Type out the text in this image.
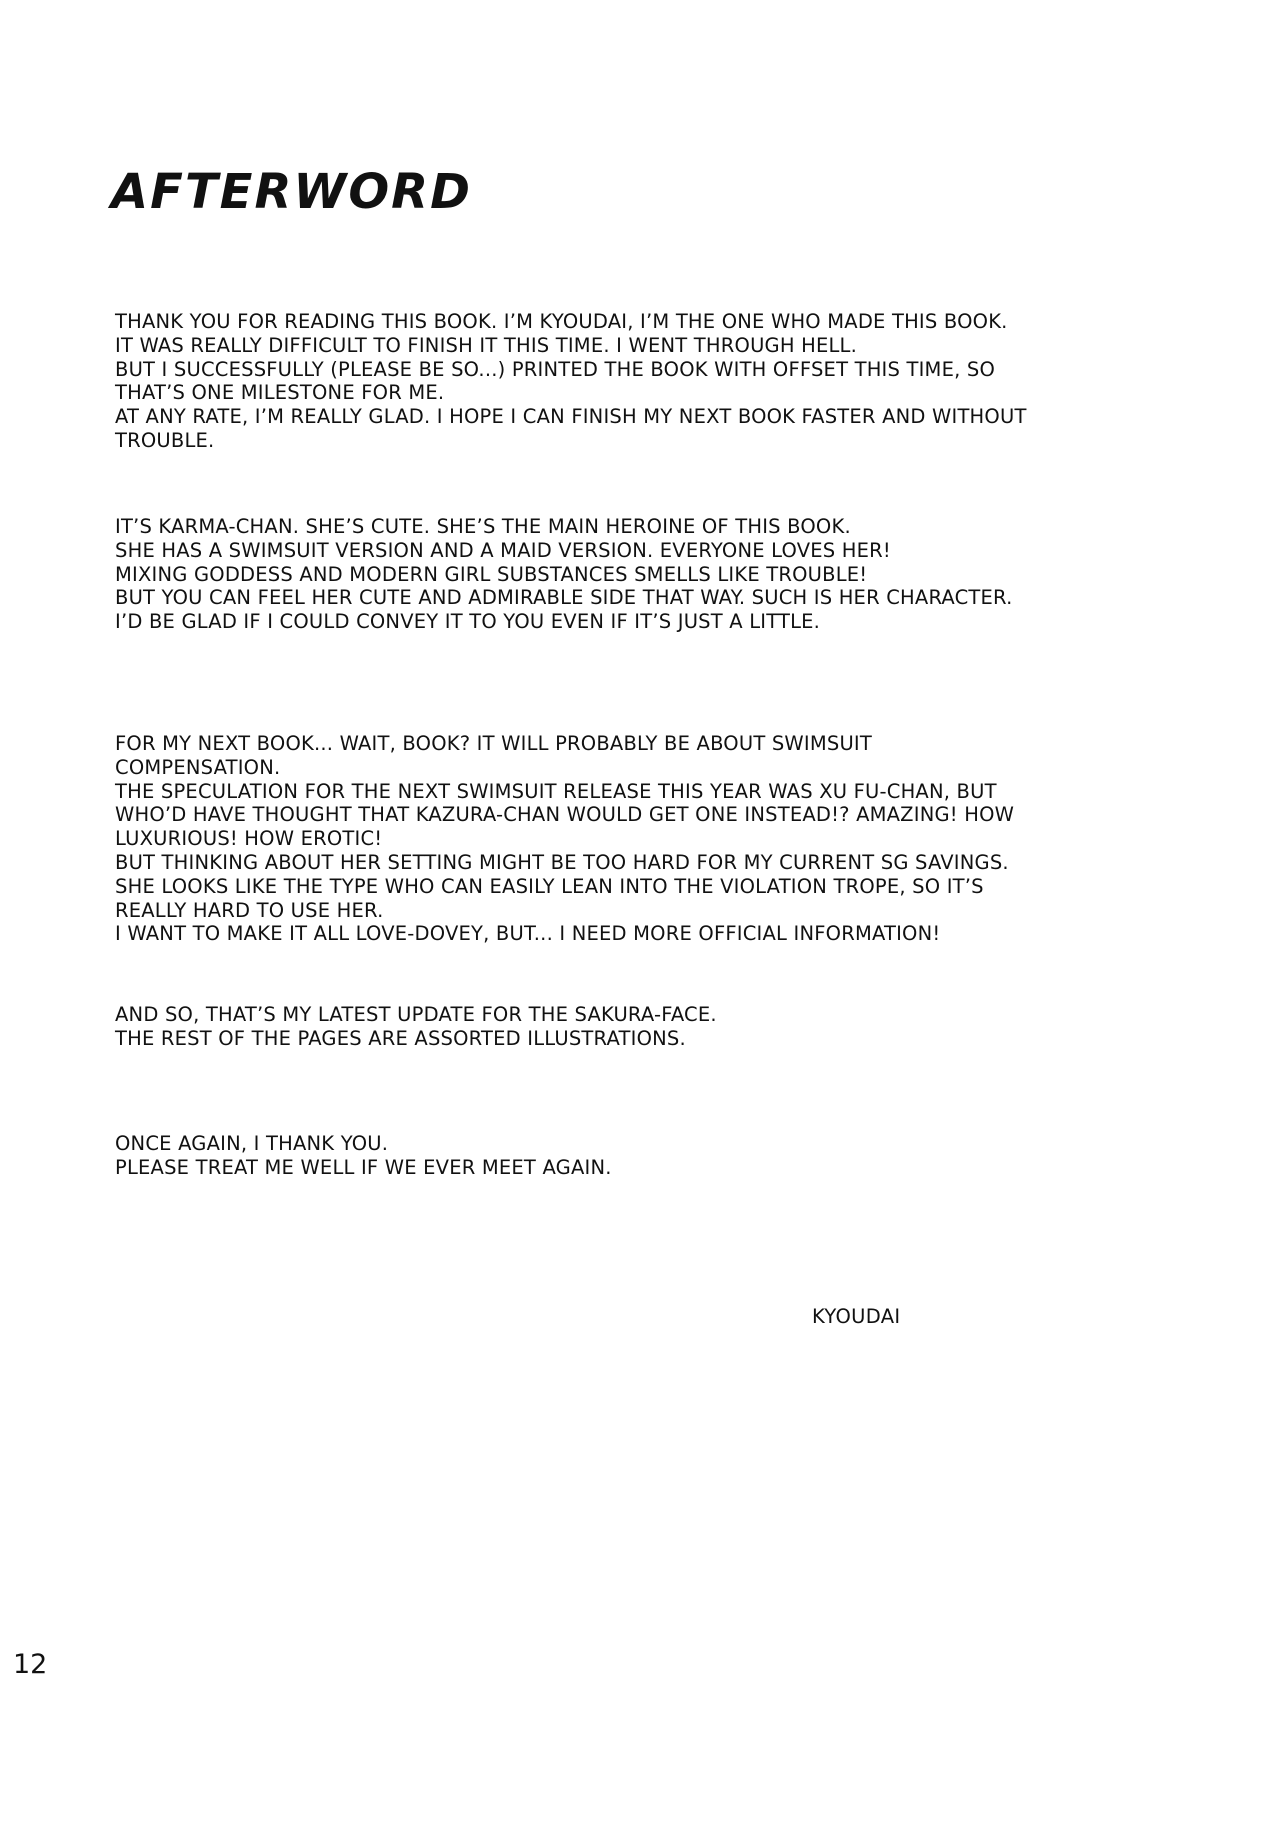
AFTERWORD
THANK YOU FOR READING THIS BOOK. I’M KYOUDAI, I’M THE ONE WHO MADE THIS BOOK.
IT WAS REALLY DIFFICULT TO FINISH IT THIS TIME. I WENT THROUGH HELL.
BUT I SUCCESSFULLY (PLEASE BE SO...) PRINTED THE BOOK WITH OFFSET THIS TIME, SO
THAT’S ONE MILESTONE FOR ME.
AT ANY RATE, I’M REALLY GLAD. I HOPE I CAN FINISH MY NEXT BOOK FASTER AND WITHOUT
TROUBLE.
IT’S KARMA-CHAN. SHE’S CUTE. SHE’S THE MAIN HEROINE OF THIS BOOK.
SHE HAS A SWIMSUIT VERSION AND A MAID VERSION. EVERYONE LOVES HER!
MIXING GODDESS AND MODERN GIRL SUBSTANCES SMELLS LIKE TROUBLE!
BUT YOU CAN FEEL HER CUTE AND ADMIRABLE SIDE THAT WAY. SUCH IS HER CHARACTER.
I’D BE GLAD IF I COULD CONVEY IT TO YOU EVEN IF IT’S JUST A LITTLE.
FOR MY NEXT BOOK... WAIT, BOOK? IT WILL PROBABLY BE ABOUT SWIMSUIT
COMPENSATION.
THE SPECULATION FOR THE NEXT SWIMSUIT RELEASE THIS YEAR WAS XU FU-CHAN, BUT
WHO’D HAVE THOUGHT THAT KAZURA-CHAN WOULD GET ONE INSTEAD!? AMAZING! HOW
LUXURIOUS! HOW EROTIC!
BUT THINKING ABOUT HER SETTING MIGHT BE TOO HARD FOR MY CURRENT SG SAVINGS.
SHE LOOKS LIKE THE TYPE WHO CAN EASILY LEAN INTO THE VIOLATION TROPE, SO IT’S
REALLY HARD TO USE HER.
I WANT TO MAKE IT ALL LOVE-DOVEY, BUT... I NEED MORE OFFICIAL INFORMATION!
AND SO, THAT’S MY LATEST UPDATE FOR THE SAKURA-FACE.
THE REST OF THE PAGES ARE ASSORTED ILLUSTRATIONS.
ONCE AGAIN, I THANK YOU.
PLEASE TREAT ME WELL IF WE EVER MEET AGAIN.

KYOUDAI

12
